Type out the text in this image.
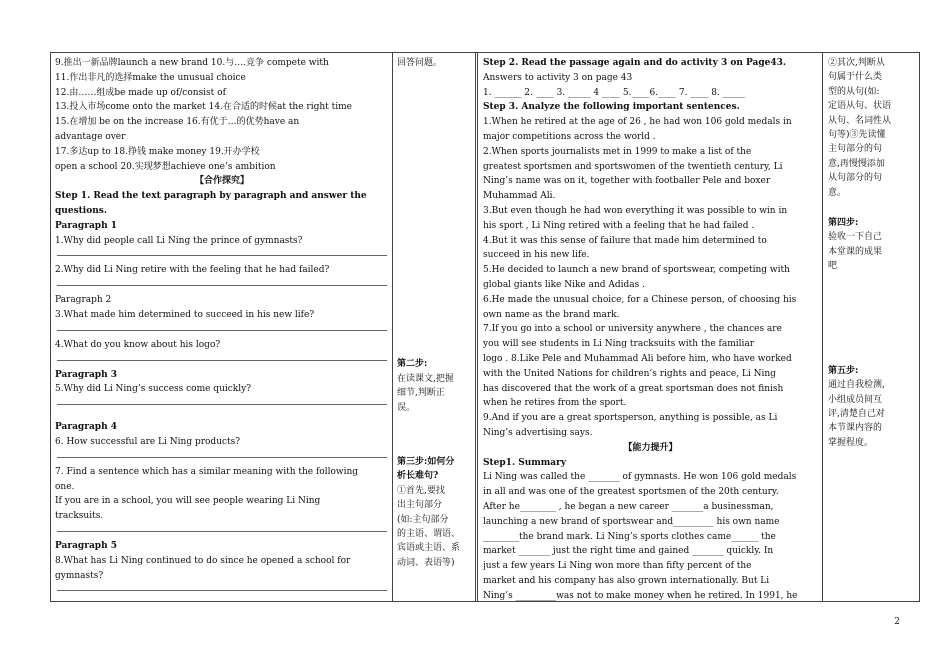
9.推出一新品牌launch a new brand 10.与….竞争 compete with
11.作出非凡的选择make the unusual choice
12.由……组成be made up of/consist of
13.投入市场come onto the market 14.在合适的时候at the right time
15.在增加 be on the increase 16.有优于…的优势have an
advantage over
17.多达up to 18.挣钱 make money 19.开办学校
open a school 20.实现梦想achieve one’s ambition
【合作探究】
Step 1. Read the text paragraph by paragraph and answer the
questions.
Paragraph 1
1.Why did people call Li Ning the prince of gymnasts?
2.Why did Li Ning retire with the feeling that he had failed?
Paragraph 2
3.What made him determined to succeed in his new life?
4.What do you know about his logo?
Paragraph 3
5.Why did Li Ning’s success come quickly?
Paragraph 4
6. How successful are Li Ning products?
7. Find a sentence which has a similar meaning with the following
one.
If you are in a school, you will see people wearing Li Ning
tracksuits.
Paragraph 5
8.What has Li Ning continued to do since he opened a school for
gymnasts?
回答问题。
第二步:
在读课文,把握
细节,判断正
误。
第三步:如何分
析长难句?
①首先,要找
出主句部分
(如:主句部分
的主语、谓语、
宾语或主语、系
动词、表语等)
Step 2. Read the passage again and do activity 3 on Page43.
Answers to activity 3 on page 43
1. ______ 2. ____ 3. _____ 4 ____ 5.____6.____ 7. ____ 8. _____
Step 3. Analyze the following important sentences.
1.When he retired at the age of 26 , he had won 106 gold medals in
major competitions across the world .
2.When sports journalists met in 1999 to make a list of the
greatest sportsmen and sportswomen of the twentieth century, Li
Ning’s name was on it, together with footballer Pele and boxer
Muhammad Ali.
3.But even though he had won everything it was possible to win in
his sport , Li Ning retired with a feeling that he had failed .
4.But it was this sense of failure that made him determined to
succeed in his new life.
5.He decided to launch a new brand of sportswear, competing with
global giants like Nike and Adidas .
6.He made the unusual choice, for a Chinese person, of choosing his
own name as the brand mark.
7.If you go into a school or university anywhere , the chances are
you will see students in Li Ning tracksuits with the familiar
logo . 8.Like Pele and Muhammad Ali before him, who have worked
with the United Nations for children’s rights and peace, Li Ning
has discovered that the work of a great sportsman does not finish
when he retires from the sport.
9.And if you are a great sportsperson, anything is possible, as Li
Ning’s advertising says.
【能力提升】
Step1. Summary
Li Ning was called the _______ of gymnasts. He won 106 gold medals
in all and was one of the greatest sportsmen of the 20th century.
After he________ , he began a new career _______a businessman,
launching a new brand of sportswear and_________ his own name
________the brand mark. Li Ning’s sports clothes came______ the
market _______ just the right time and gained _______ quickly. In
just a few years Li Ning won more than fifty percent of the
market and his company has also grown internationally. But Li
Ning’s _________was not to make money when he retired. In 1991, he
②其次,判断从
句属于什么类
型的从句(如:
定语从句、状语
从句、名词性从
句等)③先读懂
主句部分的句
意,再慢慢添加
从句部分的句
意。
第四步:
验收一下自己
本堂课的成果
吧
第五步:
通过自我检测,
小组成员间互
评,清楚自己对
本节课内容的
掌握程度。
2
